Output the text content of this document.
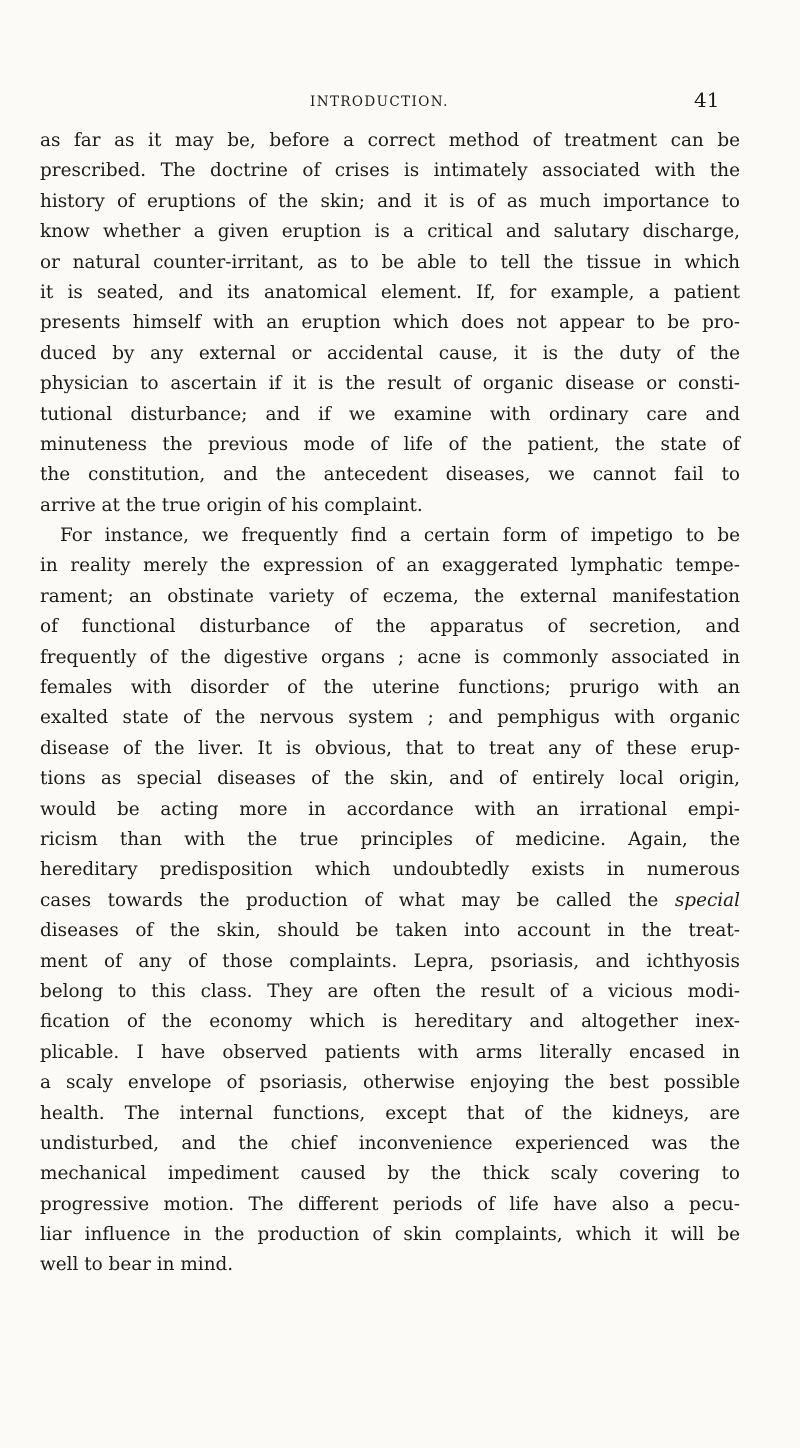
INTRODUCTION.	41
as far as it may be, before a correct method of treatment can be
prescribed. The doctrine of crises is intimately associated with the
history of eruptions of the skin; and it is of as much importance to
know whether a given eruption is a critical and salutary discharge,
or natural counter-irritant, as to be able to tell the tissue in which
it is seated, and its anatomical element. If, for example, a patient
presents himself with an eruption which does not appear to be pro-
duced by any external or accidental cause, it is the duty of the
physician to ascertain if it is the result of organic disease or consti-
tutional disturbance; and if we examine with ordinary care and
minuteness the previous mode of life of the patient, the state of
the constitution, and the antecedent diseases, we cannot fail to
arrive at the true origin of his complaint.
For instance, we frequently find a certain form of impetigo to be
in reality merely the expression of an exaggerated lymphatic tempe-
rament; an obstinate variety of eczema, the external manifestation
of functional disturbance of the apparatus of secretion, and
frequently of the digestive organs ; acne is commonly associated in
females with disorder of the uterine functions; prurigo with an
exalted state of the nervous system ; and pemphigus with organic
disease of the liver. It is obvious, that to treat any of these erup-
tions as special diseases of the skin, and of entirely local origin,
would be acting more in accordance with an irrational empi-
ricism than with the true principles of medicine. Again, the
hereditary predisposition which undoubtedly exists in numerous
cases towards the production of what may be called the special
diseases of the skin, should be taken into account in the treat-
ment of any of those complaints. Lepra, psoriasis, and ichthyosis
belong to this class. They are often the result of a vicious modi-
fication of the economy which is hereditary and altogether inex-
plicable. I have observed patients with arms literally encased in
a scaly envelope of psoriasis, otherwise enjoying the best possible
health. The internal functions, except that of the kidneys, are
undisturbed, and the chief inconvenience experienced was the
mechanical impediment caused by the thick scaly covering to
progressive motion. The different periods of life have also a pecu-
liar influence in the production of skin complaints, which it will be
well to bear in mind.
